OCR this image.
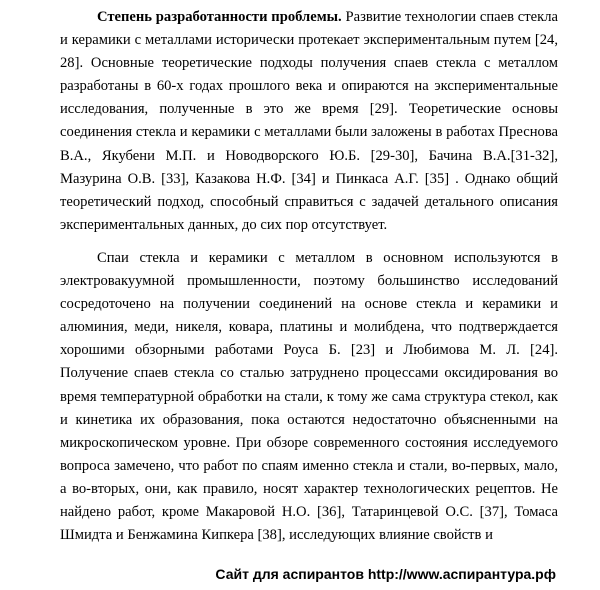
Степень разработанности проблемы. Развитие технологии спаев стекла и керамики с металлами исторически протекает экспериментальным путем [24, 28]. Основные теоретические подходы получения спаев стекла с металлом разработаны в 60-х годах прошлого века и опираются на экспериментальные исследования, полученные в это же время [29]. Теоретические основы соединения стекла и керамики с металлами были заложены в работах Преснова В.А., Якубени М.П. и Новодворского Ю.Б. [29-30], Бачина В.А.[31-32], Мазурина О.В. [33], Казакова Н.Ф. [34] и Пинкаса А.Г. [35] . Однако общий теоретический подход, способный справиться с задачей детального описания экспериментальных данных, до сих пор отсутствует.

Спаи стекла и керамики с металлом в основном используются в электровакуумной промышленности, поэтому большинство исследований сосредоточено на получении соединений на основе стекла и керамики и алюминия, меди, никеля, ковара, платины и молибдена, что подтверждается хорошими обзорными работами Роуса Б. [23] и Любимова М. Л. [24]. Получение спаев стекла со сталью затруднено процессами оксидирования во время температурной обработки на стали, к тому же сама структура стекол, как и кинетика их образования, пока остаются недостаточно объясненными на микроскопическом уровне. При обзоре современного состояния исследуемого вопроса замечено, что работ по спаям именно стекла и стали, во-первых, мало, а во-вторых, они, как правило, носят характер технологических рецептов. Не найдено работ, кроме Макаровой Н.О. [36], Татаринцевой О.С. [37], Томаса Шмидта и Бенжамина Кипкера [38], исследующих влияние свойств и

Сайт для аспирантов http://www.аспирантура.рф
